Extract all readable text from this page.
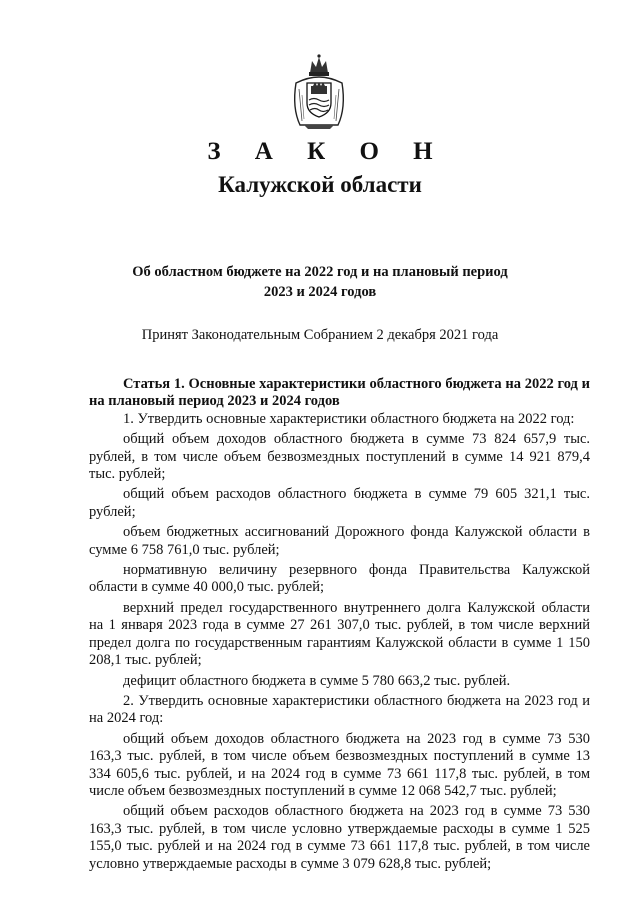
З А К О Н
Калужской области
Об областном бюджете на 2022 год и на плановый период
2023 и 2024 годов
Принят Законодательным Собранием 2 декабря 2021 года

Статья 1. Основные характеристики областного бюджета на 2022 год и на плановый период 2023 и 2024 годов

1. Утвердить основные характеристики областного бюджета на 2022 год:

общий объем доходов областного бюджета в сумме 73 824 657,9 тыс. рублей, в том числе объем безвозмездных поступлений в сумме 14 921 879,4 тыс. рублей;

общий объем расходов областного бюджета в сумме 79 605 321,1 тыс. рублей;

объем бюджетных ассигнований Дорожного фонда Калужской области в сумме 6 758 761,0 тыс. рублей;

нормативную величину резервного фонда Правительства Калужской области в сумме 40 000,0 тыс. рублей;

верхний предел государственного внутреннего долга Калужской области на 1 января 2023 года в сумме 27 261 307,0 тыс. рублей, в том числе верхний предел долга по государственным гарантиям Калужской области в сумме 1 150 208,1 тыс. рублей;

дефицит областного бюджета в сумме 5 780 663,2 тыс. рублей.

2. Утвердить основные характеристики областного бюджета на 2023 год и на 2024 год:

общий объем доходов областного бюджета на 2023 год в сумме 73 530 163,3 тыс. рублей, в том числе объем безвозмездных поступлений в сумме 13 334 605,6 тыс. рублей, и на 2024 год в сумме 73 661 117,8 тыс. рублей, в том числе объем безвозмездных поступлений в сумме 12 068 542,7 тыс. рублей;

общий объем расходов областного бюджета на 2023 год в сумме 73 530 163,3 тыс. рублей, в том числе условно утверждаемые расходы в сумме 1 525 155,0 тыс. рублей и на 2024 год в сумме 73 661 117,8 тыс. рублей, в том числе условно утверждаемые расходы в сумме 3 079 628,8 тыс. рублей;
